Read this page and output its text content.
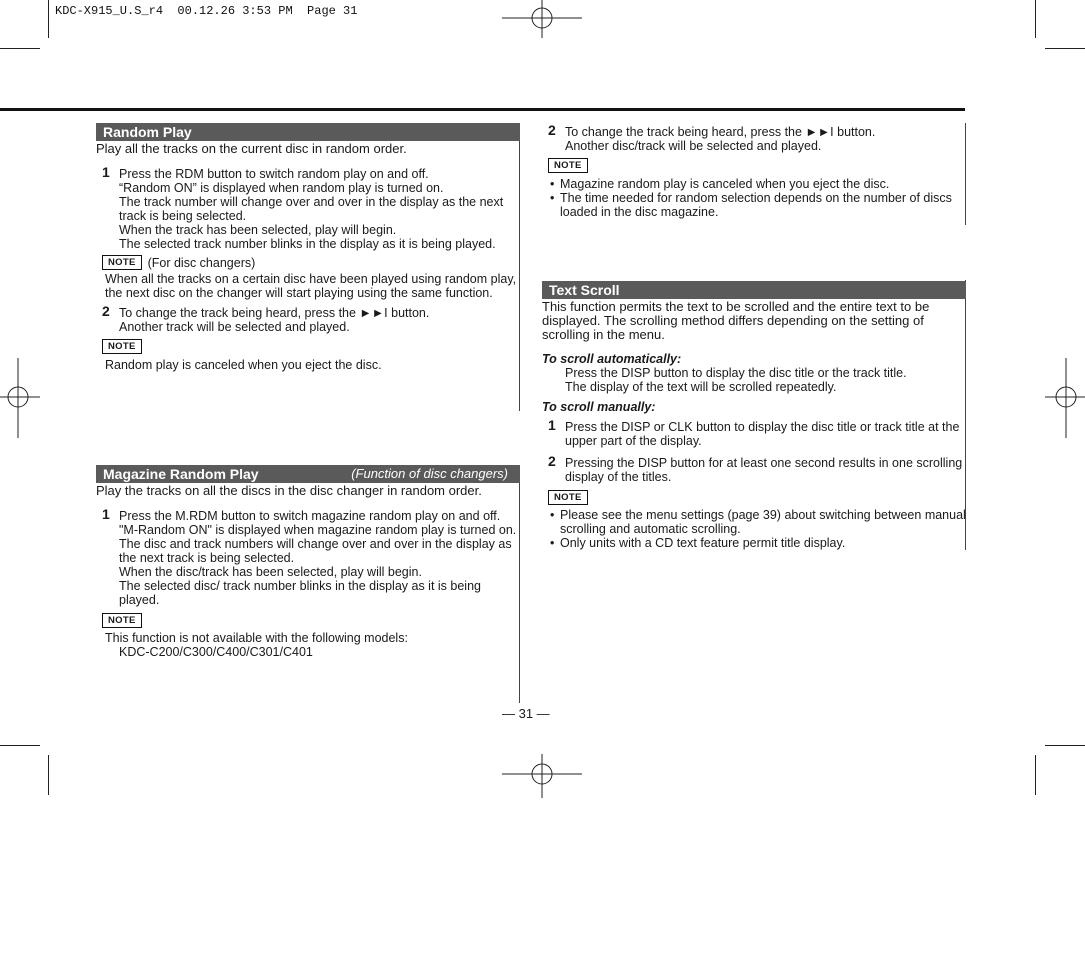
KDC-X915_U.S_r4  00.12.26 3:53 PM  Page 31
Random Play

Play all the tracks on the current disc in random order.

1 Press the RDM button to switch random play on and off.

“Random ON” is displayed when random play is turned on.

The track number will change over and over in the display as the next track is being selected.

When the track has been selected, play will begin.

The selected track number blinks in the display as it is being played.

NOTE (For disc changers)

When all the tracks on a certain disc have been played using random play, the next disc on the changer will start playing using the same function.

2 To change the track being heard, press the ►►I button.

Another track will be selected and played.

NOTE

Random play is canceled when you eject the disc.

Magazine Random Play	(Function of disc changers)

Play the tracks on all the discs in the disc changer in random order.

1 Press the M.RDM button to switch magazine random play on and off.

"M-Random ON" is displayed when magazine random play is turned on.

The disc and track numbers will change over and over in the display as the next track is being selected.

When the disc/track has been selected, play will begin.

The selected disc/ track number blinks in the display as it is being played.

NOTE

This function is not available with the following models:

KDC-C200/C300/C400/C301/C401

2 To change the track being heard, press the ►►I button.

Another disc/track will be selected and played.

NOTE
• Magazine random play is canceled when you eject the disc.
• The time needed for random selection depends on the number of discs loaded in the disc magazine.
Text Scroll

This function permits the text to be scrolled and the entire text to be displayed. The scrolling method differs depending on the setting of scrolling in the menu.

To scroll automatically:

Press the DISP button to display the disc title or the track title.

The display of the text will be scrolled repeatedly.

To scroll manually:
1 Press the DISP or CLK button to display the disc title or track title at the upper part of the display.

2 Pressing the DISP button for at least one second results in one scrolling display of the titles.

NOTE
• Please see the menu settings (page 39) about switching between manual scrolling and automatic scrolling.
• Only units with a CD text feature permit title display.
— 31 —
